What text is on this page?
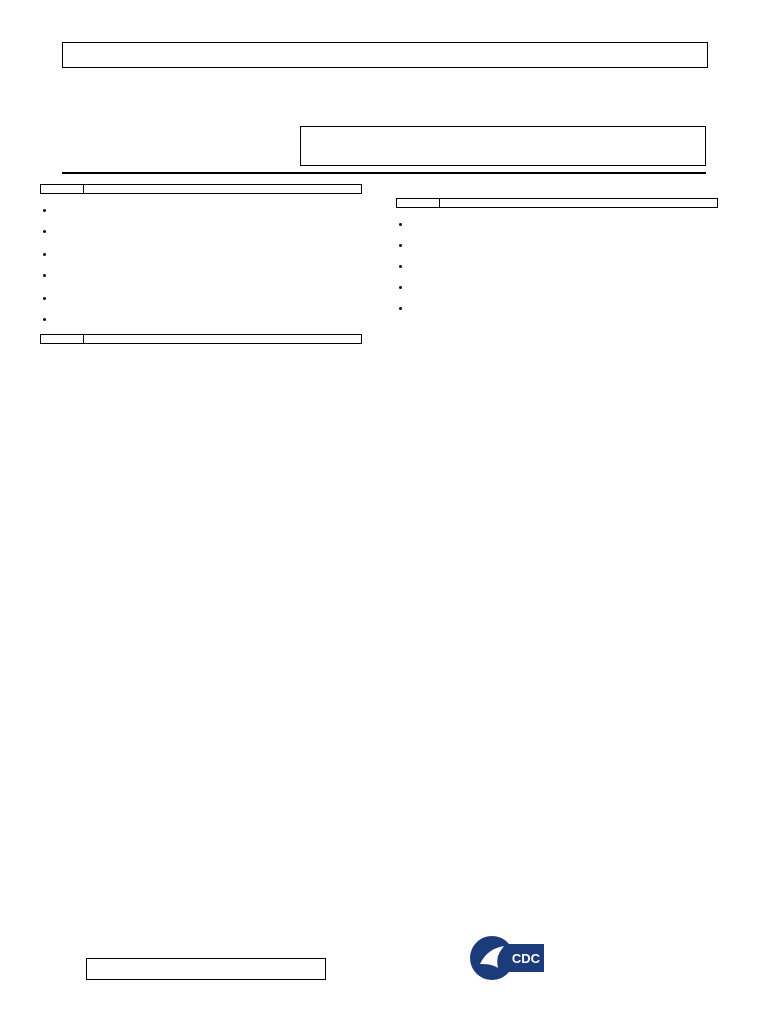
•
•
•
•
•
•

•
•
•
•
•
CDC
